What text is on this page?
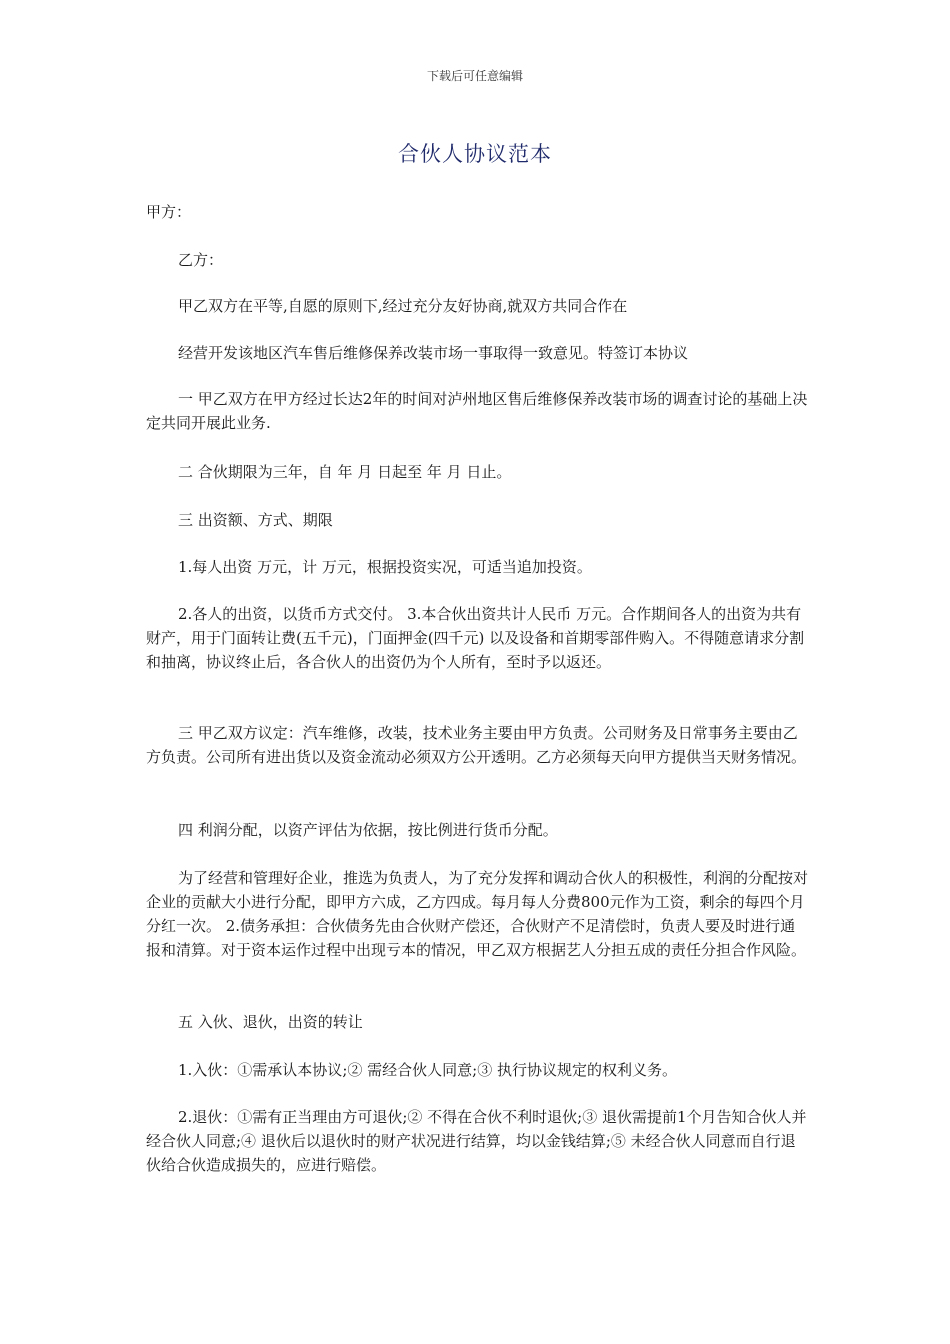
下载后可任意编辑
合伙人协议范本

甲方：

乙方：

甲乙双方在平等,自愿的原则下,经过充分友好协商,就双方共同合作在

经营开发该地区汽车售后维修保养改装市场一事取得一致意见。特签订本协议

一 甲乙双方在甲方经过长达2年的时间对泸州地区售后维修保养改装市场的调查讨论的基础上决定共同开展此业务.

二 合伙期限为三年，自 年 月 日起至 年 月 日止。

三 出资额、方式、期限

1.每人出资 万元，计 万元，根据投资实况，可适当追加投资。

2.各人的出资，以货币方式交付。 3.本合伙出资共计人民币 万元。合作期间各人的出资为共有财产，用于门面转让费(五千元)，门面押金(四千元) 以及设备和首期零部件购入。不得随意请求分割和抽离，协议终止后，各合伙人的出资仍为个人所有，至时予以返还。

三 甲乙双方议定：汽车维修，改装，技术业务主要由甲方负责。公司财务及日常事务主要由乙方负责。公司所有进出货以及资金流动必须双方公开透明。乙方必须每天向甲方提供当天财务情况。

四 利润分配，以资产评估为依据，按比例进行货币分配。

为了经营和管理好企业，推选为负责人，为了充分发挥和调动合伙人的积极性，利润的分配按对企业的贡献大小进行分配，即甲方六成，乙方四成。每月每人分费800元作为工资，剩余的每四个月分红一次。 2.债务承担：合伙债务先由合伙财产偿还，合伙财产不足清偿时，负责人要及时进行通报和清算。对于资本运作过程中出现亏本的情况，甲乙双方根据艺人分担五成的责任分担合作风险。

五 入伙、退伙，出资的转让

1.入伙：①需承认本协议;② 需经合伙人同意;③ 执行协议规定的权利义务。

2.退伙：①需有正当理由方可退伙;② 不得在合伙不利时退伙;③ 退伙需提前1个月告知合伙人并经合伙人同意;④ 退伙后以退伙时的财产状况进行结算，均以金钱结算;⑤ 未经合伙人同意而自行退伙给合伙造成损失的，应进行赔偿。
